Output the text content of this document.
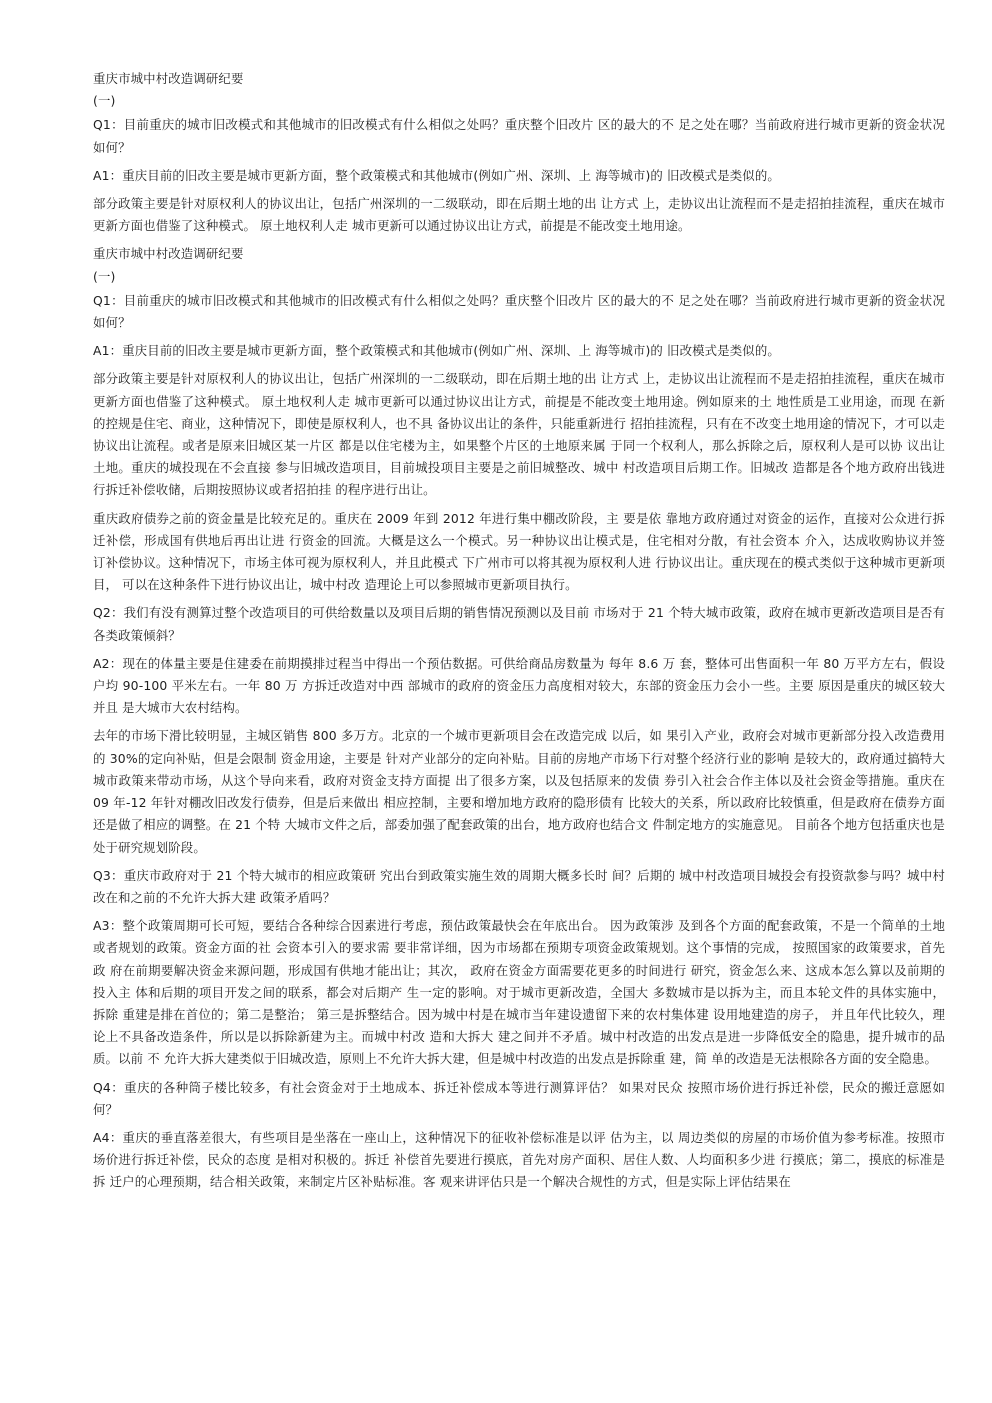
重庆市城中村改造调研纪要

(一)

Q1：目前重庆的城市旧改模式和其他城市的旧改模式有什么相似之处吗？重庆整个旧改片 区的最大的不 足之处在哪？当前政府进行城市更新的资金状况如何？

A1：重庆目前的旧改主要是城市更新方面，整个政策模式和其他城市(例如广州、深圳、上 海等城市)的 旧改模式是类似的。

部分政策主要是针对原权利人的协议出让，包括广州深圳的一二级联动，即在后期土地的出 让方式 上，走协议出让流程而不是走招拍挂流程，重庆在城市更新方面也借鉴了这种模式。 原土地权利人走 城市更新可以通过协议出让方式，前提是不能改变土地用途。

重庆市城中村改造调研纪要

(一)

Q1：目前重庆的城市旧改模式和其他城市的旧改模式有什么相似之处吗？重庆整个旧改片 区的最大的不 足之处在哪？当前政府进行城市更新的资金状况如何？

A1：重庆目前的旧改主要是城市更新方面，整个政策模式和其他城市(例如广州、深圳、上 海等城市)的 旧改模式是类似的。

部分政策主要是针对原权利人的协议出让，包括广州深圳的一二级联动，即在后期土地的出 让方式 上，走协议出让流程而不是走招拍挂流程，重庆在城市更新方面也借鉴了这种模式。 原土地权利人走 城市更新可以通过协议出让方式，前提是不能改变土地用途。例如原来的土 地性质是工业用途，而现 在新的控规是住宅、商业，这种情况下，即使是原权利人，也不具 备协议出让的条件，只能重新进行 招拍挂流程，只有在不改变土地用途的情况下，才可以走 协议出让流程。或者是原来旧城区某一片区 都是以住宅楼为主，如果整个片区的土地原来属 于同一个权利人，那么拆除之后，原权利人是可以协 议出让土地。重庆的城投现在不会直接 参与旧城改造项目，目前城投项目主要是之前旧城整改、城中 村改造项目后期工作。旧城改 造都是各个地方政府出钱进行拆迁补偿收储，后期按照协议或者招拍挂 的程序进行出让。

重庆政府债券之前的资金量是比较充足的。重庆在 2009 年到 2012 年进行集中棚改阶段，主 要是依 靠地方政府通过对资金的运作，直接对公众进行拆迁补偿，形成国有供地后再出让进 行资金的回流。大概是这么一个模式。另一种协议出让模式是，住宅相对分散，有社会资本 介入，达成收购协议并签 订补偿协议。这种情况下，市场主体可视为原权利人，并且此模式 下广州市可以将其视为原权利人进 行协议出让。重庆现在的模式类似于这种城市更新项目， 可以在这种条件下进行协议出让，城中村改 造理论上可以参照城市更新项目执行。

Q2：我们有没有测算过整个改造项目的可供给数量以及项目后期的销售情况预测以及目前 市场对于 21 个特大城市政策，政府在城市更新改造项目是否有各类政策倾斜？

A2：现在的体量主要是住建委在前期摸排过程当中得出一个预估数据。可供给商品房数量为 每年 8.6 万 套，整体可出售面积一年 80 万平方左右，假设户均 90-100 平米左右。一年 80 万 方拆迁改造对中西 部城市的政府的资金压力高度相对较大，东部的资金压力会小一些。主要 原因是重庆的城区较大并且 是大城市大农村结构。

去年的市场下滑比较明显，主城区销售 800 多万方。北京的一个城市更新项目会在改造完成 以后，如 果引入产业，政府会对城市更新部分投入改造费用的 30%的定向补贴，但是会限制 资金用途，主要是 针对产业部分的定向补贴。目前的房地产市场下行对整个经济行业的影响 是较大的，政府通过搞特大 城市政策来带动市场，从这个导向来看，政府对资金支持方面提 出了很多方案，以及包括原来的发债 券引入社会合作主体以及社会资金等措施。重庆在 09 年-12 年针对棚改旧改发行债券，但是后来做出 相应控制，主要和增加地方政府的隐形债有 比较大的关系，所以政府比较慎重，但是政府在债券方面 还是做了相应的调整。在 21 个特 大城市文件之后，部委加强了配套政策的出台，地方政府也结合文 件制定地方的实施意见。 目前各个地方包括重庆也是处于研究规划阶段。

Q3：重庆市政府对于 21 个特大城市的相应政策研 究出台到政策实施生效的周期大概多长时 间？后期的 城中村改造项目城投会有投资款参与吗？城中村改在和之前的不允许大拆大建 政策矛盾吗？

A3：整个政策周期可长可短，要结合各种综合因素进行考虑，预估政策最快会在年底出台。 因为政策涉 及到各个方面的配套政策，不是一个简单的土地或者规划的政策。资金方面的社 会资本引入的要求需 要非常详细，因为市场都在预期专项资金政策规划。这个事情的完成， 按照国家的政策要求，首先政 府在前期要解决资金来源问题，形成国有供地才能出让；其次， 政府在资金方面需要花更多的时间进行 研究，资金怎么来、这成本怎么算以及前期的投入主 体和后期的项目开发之间的联系，都会对后期产 生一定的影响。对于城市更新改造，全国大 多数城市是以拆为主，而且本轮文件的具体实施中，拆除 重建是排在首位的；第二是整治； 第三是拆整结合。因为城中村是在城市当年建设遗留下来的农村集体建 设用地建造的房子， 并且年代比较久，理论上不具备改造条件，所以是以拆除新建为主。而城中村改 造和大拆大 建之间并不矛盾。城中村改造的出发点是进一步降低安全的隐患，提升城市的品质。以前 不 允许大拆大建类似于旧城改造，原则上不允许大拆大建，但是城中村改造的出发点是拆除重 建，简 单的改造是无法根除各方面的安全隐患。

Q4：重庆的各种筒子楼比较多，有社会资金对于土地成本、拆迁补偿成本等进行测算评估？ 如果对民众 按照市场价进行拆迁补偿，民众的搬迁意愿如何？

A4：重庆的垂直落差很大，有些项目是坐落在一座山上，这种情况下的征收补偿标准是以评 估为主，以 周边类似的房屋的市场价值为参考标准。按照市场价进行拆迁补偿，民众的态度 是相对积极的。拆迁 补偿首先要进行摸底，首先对房产面积、居住人数、人均面积多少进 行摸底；第二，摸底的标准是拆 迁户的心理预期，结合相关政策，来制定片区补贴标准。客 观来讲评估只是一个解决合规性的方式，但是实际上评估结果在
